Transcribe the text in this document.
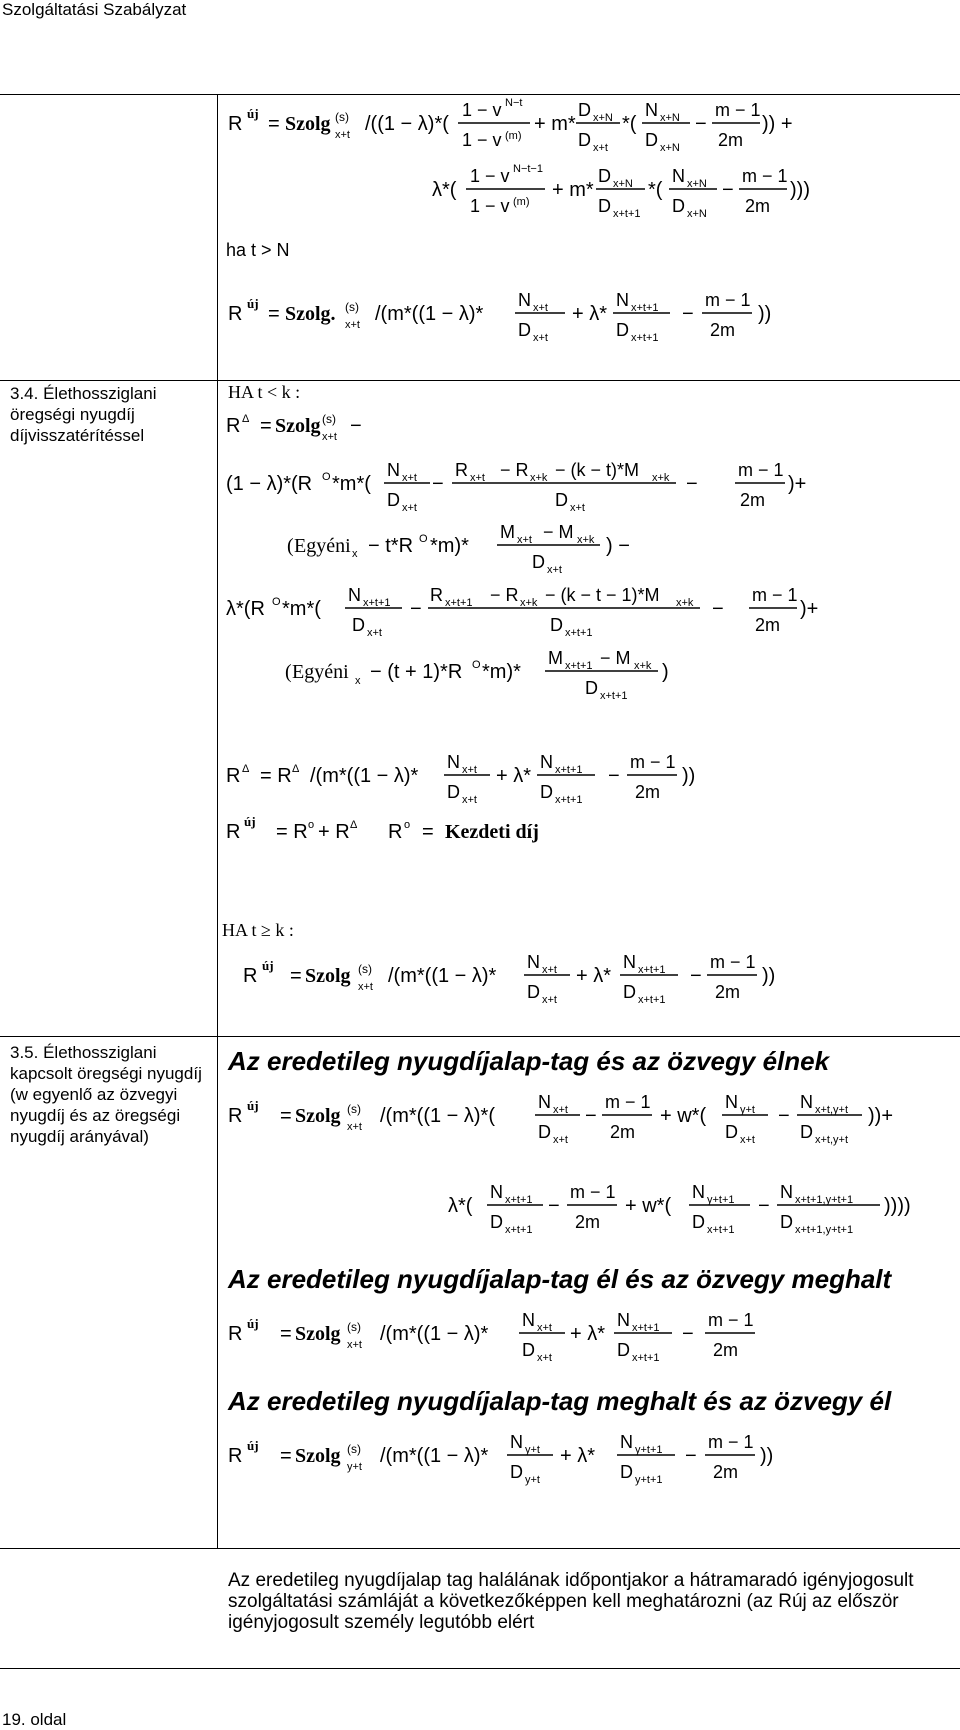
Szolgáltatási Szabályzat
3.4. Élethossziglani öregségi nyugdíj díjvisszatérítéssel
3.5. Élethossziglani kapcsolt öregségi nyugdíj (w egyenlő az özvegyi nyugdíj és az öregségi nyugdíj arányával)
R új = Szolg (s)
x+t /((1 − λ)*(
1 − v N−t
1 − v (m)
+ m*
D x+N
D x+t
*(
N x+N
D x+N
−
m − 1
2m
)) +
λ*(
1 − v N−t−1
1 − v (m)
+ m*
D x+N
D x+t+1
*(
N x+N
D x+N
−
m − 1
2m
)))
ha t > N
R új = Szolg. (s)
x+t /(m*((1 − λ)*
N x+t
D x+t
+ λ*
N x+t+1
D x+t+1
−
m − 1
2m
))
HA t < k :
R Δ = Szolg (s)
x+t −
(1 − λ)*(R O *m*(
N x+t
D x+t
−
R x+t − R x+k − (k − t)*M x+k
D x+t
−
m − 1
2m
)+
( Egyéni x − t*R O *m)*
M x+t − M x+k
D x+t
) −
λ*(R O *m*(
N x+t+1
D x+t
−
R x+t+1 − R x+k − (k − t − 1)*M x+k
D x+t+1
−
m − 1
2m
)+
( Egyéni x − (t + 1)*R O *m)*
M x+t+1 − M x+k
D x+t+1
)
R Δ = R Δ /(m*((1 − λ)*
N x+t
D x+t
+ λ*
N x+t+1
D x+t+1
−
m − 1
2m
))
R új = R o + R Δ R o = Kezdeti díj
HA t ≥ k :
R új = Szolg (s)
x+t /(m*((1 − λ)*
N x+t
D x+t
+ λ*
N x+t+1
D x+t+1
−
m − 1
2m
))
Az eredetileg nyugdíjalap-tag és az özvegy élnek
R új = Szolg (s)
x+t /(m*((1 − λ)*(
N x+t
D x+t
−
m − 1
2m
+ w*(
N y+t
D x+t
−
N x+t,y+t
D x+t,y+t
))+
λ*(
N x+t+1
D x+t+1
−
m − 1
2m
+ w*(
N y+t+1
D x+t+1
−
N x+t+1,y+t+1
D x+t+1,y+t+1
))))
Az eredetileg nyugdíjalap-tag él és az özvegy meghalt
R új = Szolg (s)
x+t /(m*((1 − λ)*
N x+t
D x+t
+ λ*
N x+t+1
D x+t+1
−
m − 1
2m
Az eredetileg nyugdíjalap-tag meghalt és az özvegy él
R új = Szolg (s)
y+t /(m*((1 − λ)*
N y+t
D y+t
+ λ*
N y+t+1
D y+t+1
−
m − 1
2m
))
Az eredetileg nyugdíjalap tag halálának időpontjakor a hátramaradó igényjogosult szolgáltatási számláját a következőképpen kell meghatározni (az Rúj az először igényjogosult személy legutóbb elért
19. oldal
